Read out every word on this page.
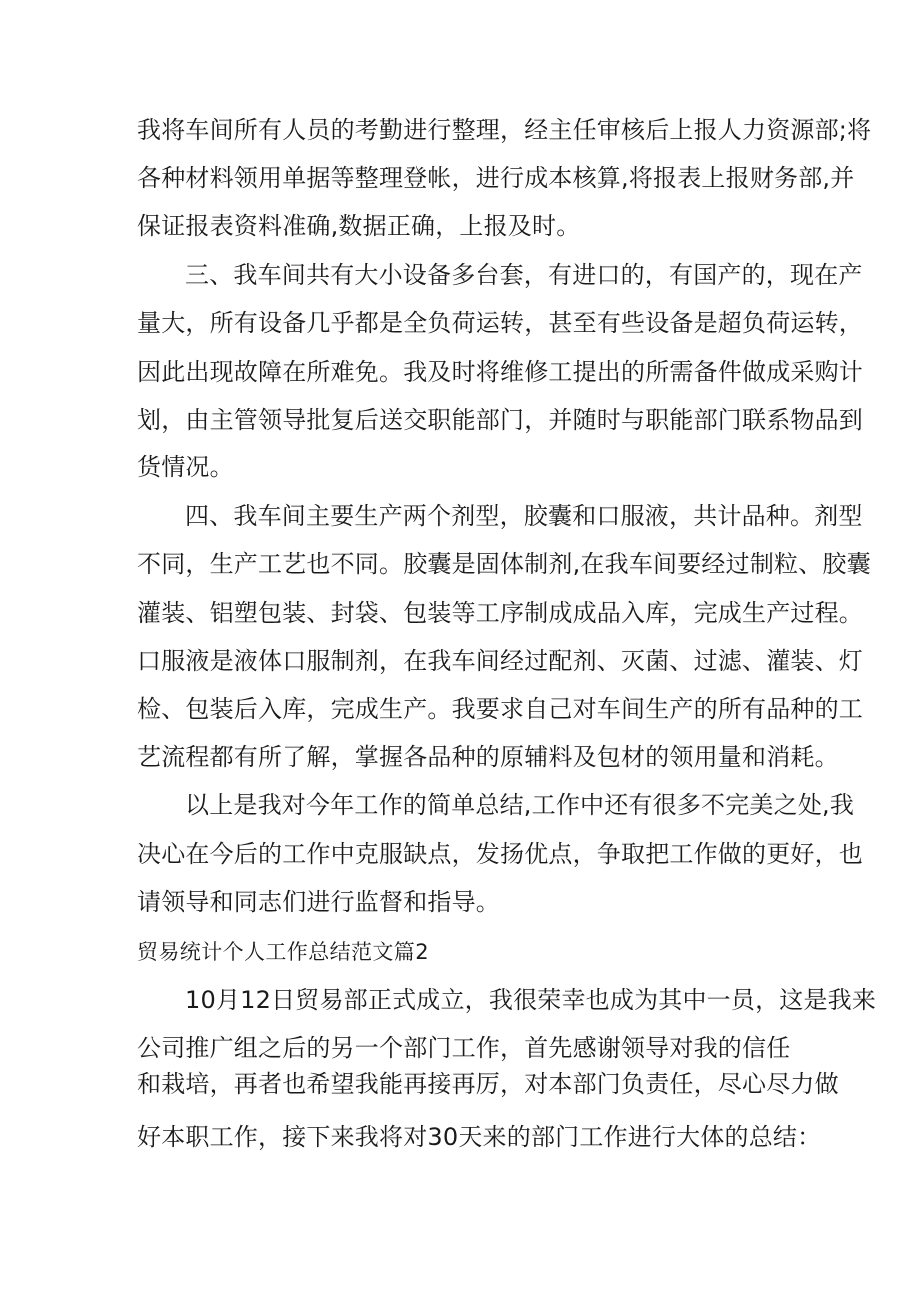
我将车间所有人员的考勤进行整理，经主任审核后上报人力资源部;将

各种材料领用单据等整理登帐，进行成本核算,将报表上报财务部,并

保证报表资料准确,数据正确，上报及时。

三、我车间共有大小设备多台套，有进口的，有国产的，现在产

量大，所有设备几乎都是全负荷运转，甚至有些设备是超负荷运转，

因此出现故障在所难免。我及时将维修工提出的所需备件做成采购计

划，由主管领导批复后送交职能部门，并随时与职能部门联系物品到

货情况。

四、我车间主要生产两个剂型，胶囊和口服液，共计品种。剂型

不同，生产工艺也不同。胶囊是固体制剂,在我车间要经过制粒、胶囊

灌装、铝塑包装、封袋、包装等工序制成成品入库，完成生产过程。

口服液是液体口服制剂，在我车间经过配剂、灭菌、过滤、灌装、灯

检、包装后入库，完成生产。我要求自己对车间生产的所有品种的工

艺流程都有所了解，掌握各品种的原辅料及包材的领用量和消耗。

以上是我对今年工作的简单总结,工作中还有很多不完美之处,我

决心在今后的工作中克服缺点，发扬优点，争取把工作做的更好，也

请领导和同志们进行监督和指导。

贸易统计个人工作总结范文篇2

10月12日贸易部正式成立，我很荣幸也成为其中一员，这是我来

公司推广组之后的另一个部门工作，首先感谢领导对我的信任

和栽培，再者也希望我能再接再厉，对本部门负责任，尽心尽力做

好本职工作，接下来我将对30天来的部门工作进行大体的总结：
